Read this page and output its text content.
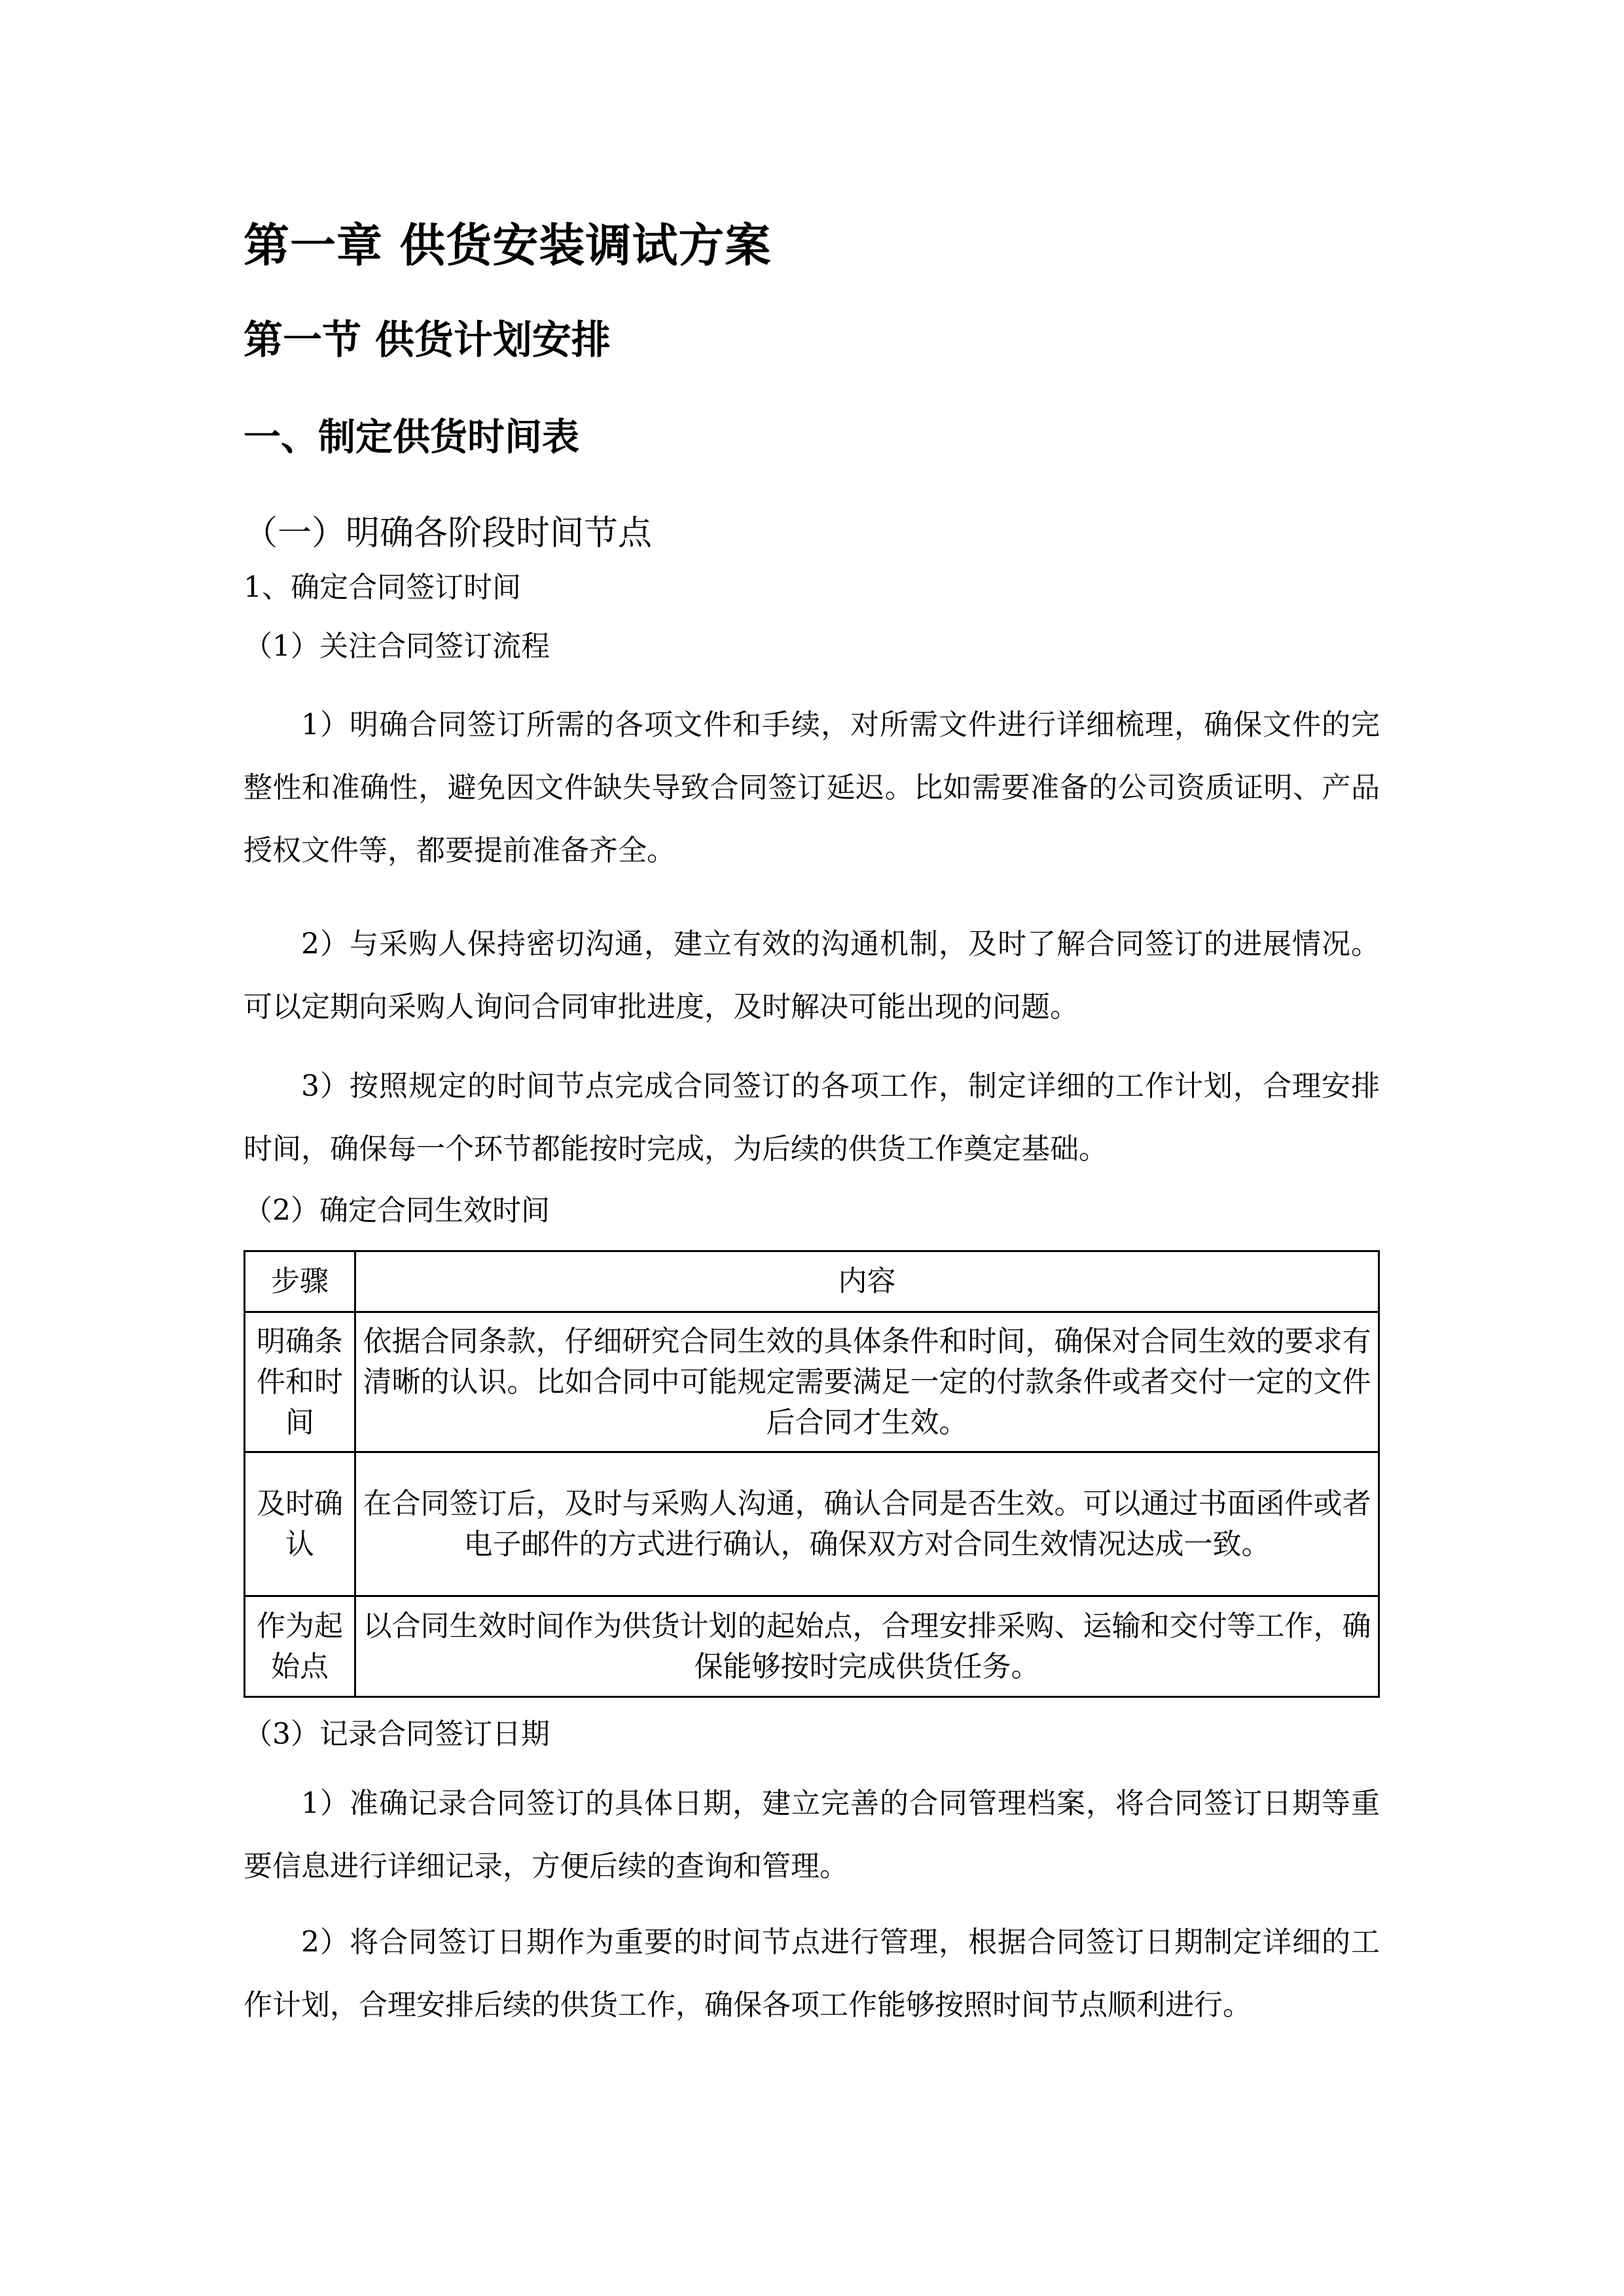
第一章 供货安装调试方案
第一节 供货计划安排
一、制定供货时间表
（一）明确各阶段时间节点
1、确定合同签订时间
（1）关注合同签订流程

1）明确合同签订所需的各项文件和手续，对所需文件进行详细梳理，确保文件的完整性和准确性，避免因文件缺失导致合同签订延迟。比如需要准备的公司资质证明、产品授权文件等，都要提前准备齐全。

2）与采购人保持密切沟通，建立有效的沟通机制，及时了解合同签订的进展情况。可以定期向采购人询问合同审批进度，及时解决可能出现的问题。

3）按照规定的时间节点完成合同签订的各项工作，制定详细的工作计划，合理安排时间，确保每一个环节都能按时完成，为后续的供货工作奠定基础。

（2）确定合同生效时间
步骤	内容
明确条件和时间	依据合同条款，仔细研究合同生效的具体条件和时间，确保对合同生效的要求有清晰的认识。比如合同中可能规定需要满足一定的付款条件或者交付一定的文件后合同才生效。
及时确认	在合同签订后，及时与采购人沟通，确认合同是否生效。可以通过书面函件或者电子邮件的方式进行确认，确保双方对合同生效情况达成一致。
作为起始点	以合同生效时间作为供货计划的起始点，合理安排采购、运输和交付等工作，确保能够按时完成供货任务。
（3）记录合同签订日期

1）准确记录合同签订的具体日期，建立完善的合同管理档案，将合同签订日期等重要信息进行详细记录，方便后续的查询和管理。

2）将合同签订日期作为重要的时间节点进行管理，根据合同签订日期制定详细的工作计划，合理安排后续的供货工作，确保各项工作能够按照时间节点顺利进行。
